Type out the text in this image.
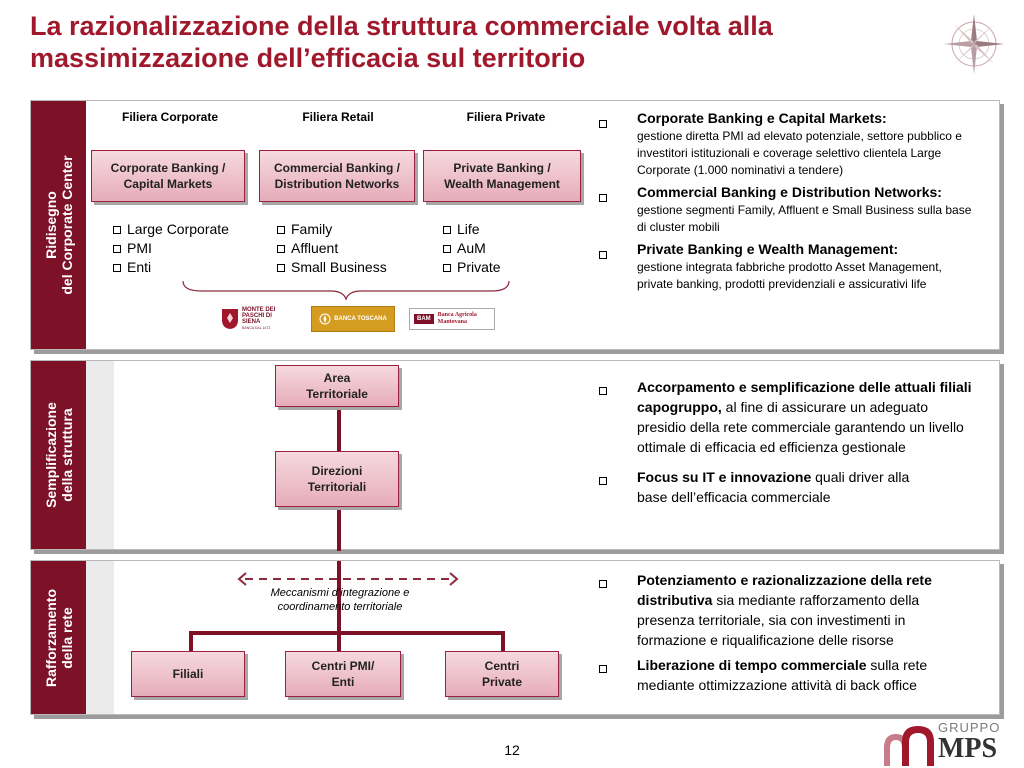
La razionalizzazione della struttura commerciale volta alla massimizzazione dell’efficacia sul territorio
Ridisegno
del Corporate Center
Filiera Corporate	Filiera Retail	Filiera Private
Corporate Banking /
Capital Markets
Commercial Banking /
Distribution Networks
Private Banking /
Wealth Management
Large Corporate
PMI
Enti
Family
Affluent
Small Business
Life
AuM
Private
MONTE DEI PASCHI DI SIENA
BANCA DAL 1472
BANCA TOSCANA	BAM
Banca Agricola Mantovana
Corporate Banking e Capital Markets:
gestione diretta PMI ad elevato potenziale, settore pubblico e investitori istituzionali e coverage selettivo clientela Large Corporate (1.000 nominativi a tendere)
Commercial Banking e Distribution Networks: gestione segmenti Family, Affluent e Small Business sulla base di cluster mobili
Private Banking e Wealth Management:
gestione integrata fabbriche prodotto Asset Management, private banking, prodotti previdenziali e assicurativi life
Semplificazione
della struttura
Area
Territoriale
Direzioni
Territoriali
Accorpamento e semplificazione delle attuali filiali capogruppo, al fine di assicurare un adeguato presidio della rete commerciale garantendo un livello ottimale di efficacia ed efficienza gestionale
Focus su IT e innovazione quali driver alla base dell’efficacia commerciale
Rafforzamento
della rete
Meccanismi d’integrazione e
coordinamento territoriale
Filiali
Centri PMI/
Enti
Centri
Private
Potenziamento e razionalizzazione della rete distributiva sia mediante rafforzamento della presenza territoriale, sia con investimenti in formazione e riqualificazione delle risorse
Liberazione di tempo commerciale sulla rete mediante ottimizzazione attività di back office
12
GRUPPO
MPS
